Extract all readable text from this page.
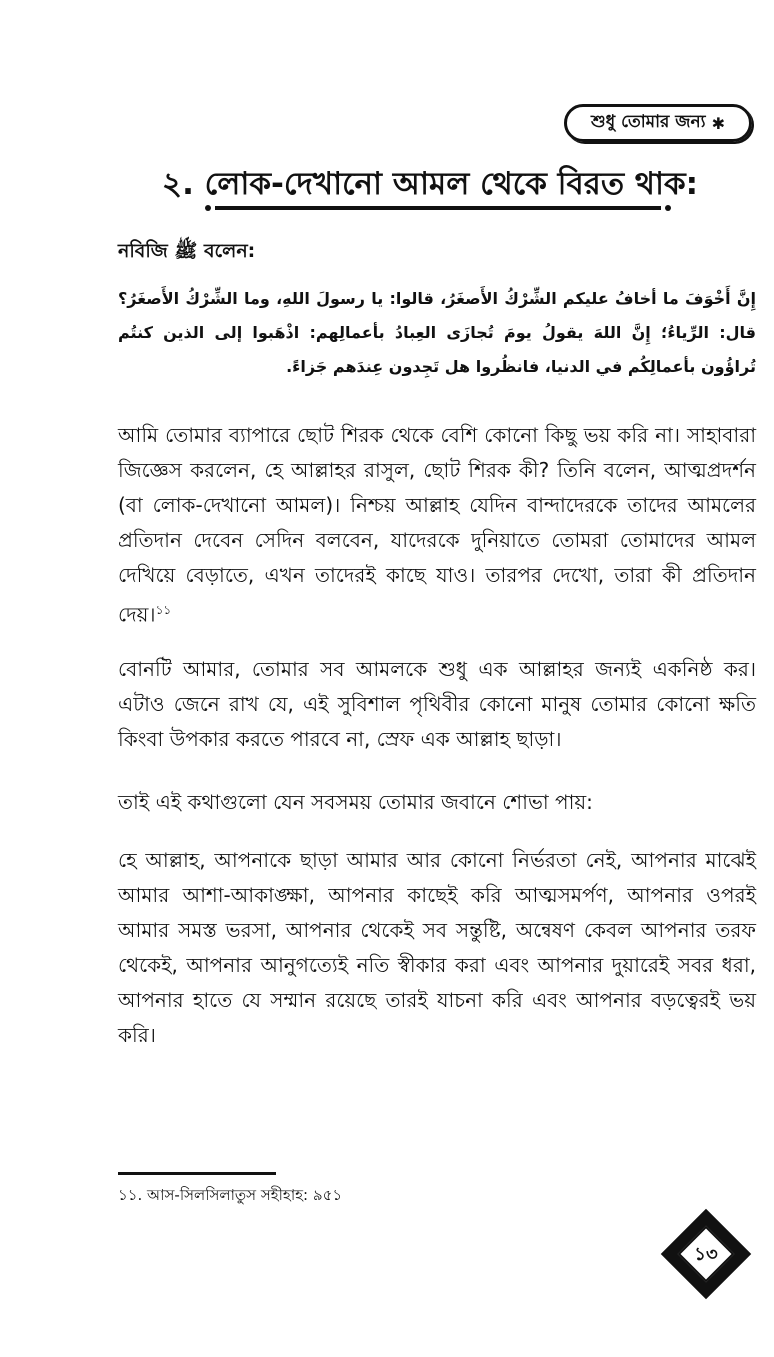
শুধু তোমার জন্য ✱
২. লোক-দেখানো আমল থেকে বিরত থাক:
নবিজি ﷺ বলেন:
إِنَّ أَخْوَفَ ما أخافُ عليكم الشِّرْكُ الأَصغَرُ، قالوا: يا رسولَ اللهِ، وما الشِّرْكُ الأَصغَرُ؟ قال: الرِّياءُ؛ إِنَّ اللهَ يقولُ يومَ تُجازَى العِبادُ بأعمالِهم: اذْهَبوا إلى الذين كنتُم تُراؤُون بأعمالِكُم في الدنيا، فانظُروا هل تَجِدون عِندَهم جَزاءً.
আমি তোমার ব্যাপারে ছোট শিরক থেকে বেশি কোনো কিছু ভয় করি না। সাহাবারা জিজ্ঞেস করলেন, হে আল্লাহর রাসুল, ছোট শিরক কী? তিনি বলেন, আত্মপ্রদর্শন (বা লোক-দেখানো আমল)। নিশ্চয় আল্লাহ যেদিন বান্দাদেরকে তাদের আমলের প্রতিদান দেবেন সেদিন বলবেন, যাদেরকে দুনিয়াতে তোমরা তোমাদের আমল দেখিয়ে বেড়াতে, এখন তাদেরই কাছে যাও। তারপর দেখো, তারা কী প্রতিদান দেয়।$^{১১}$
বোনটি আমার, তোমার সব আমলকে শুধু এক আল্লাহর জন্যই একনিষ্ঠ কর। এটাও জেনে রাখ যে, এই সুবিশাল পৃথিবীর কোনো মানুষ তোমার কোনো ক্ষতি কিংবা উপকার করতে পারবে না, স্রেফ এক আল্লাহ ছাড়া।
তাই এই কথাগুলো যেন সবসময় তোমার জবানে শোভা পায়:
হে আল্লাহ, আপনাকে ছাড়া আমার আর কোনো নির্ভরতা নেই, আপনার মাঝেই আমার আশা-আকাঙ্ক্ষা, আপনার কাছেই করি আত্মসমর্পণ, আপনার ওপরই আমার সমস্ত ভরসা, আপনার থেকেই সব সন্তুষ্টি, অন্বেষণ কেবল আপনার তরফ থেকেই, আপনার আনুগত্যেই নতি স্বীকার করা এবং আপনার দুয়ারেই সবর ধরা, আপনার হাতে যে সম্মান রয়েছে তারই যাচনা করি এবং আপনার বড়ত্বেরই ভয় করি।
১১. আস-সিলসিলাতুস সহীহাহ: ৯৫১
১৩
